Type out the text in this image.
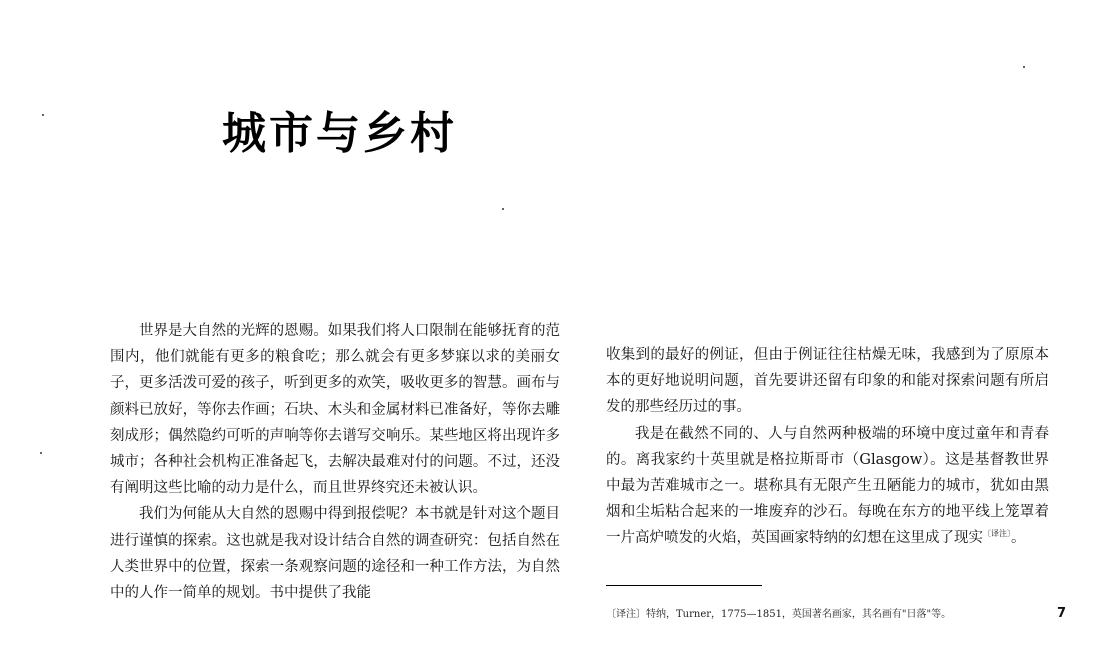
城市与乡村

世界是大自然的光辉的恩赐。如果我们将人口限制在能够抚育的范围内，他们就能有更多的粮食吃；那么就会有更多梦寐以求的美丽女子，更多活泼可爱的孩子，听到更多的欢笑，吸收更多的智慧。画布与颜料已放好，等你去作画；石块、木头和金属材料已准备好，等你去雕刻成形；偶然隐约可听的声响等你去谱写交响乐。某些地区将出现许多城市；各种社会机构正准备起飞，去解决最难对付的问题。不过，还没有阐明这些比喻的动力是什么，而且世界终究还未被认识。

我们为何能从大自然的恩赐中得到报偿呢？本书就是针对这个题目进行谨慎的探索。这也就是我对设计结合自然的调查研究：包括自然在人类世界中的位置，探索一条观察问题的途径和一种工作方法，为自然中的人作一简单的规划。书中提供了我能

收集到的最好的例证，但由于例证往往枯燥无味，我感到为了原原本本的更好地说明问题，首先要讲还留有印象的和能对探索问题有所启发的那些经历过的事。

我是在截然不同的、人与自然两种极端的环境中度过童年和青春的。离我家约十英里就是格拉斯哥市（Glasgow）。这是基督教世界中最为苦难城市之一。堪称具有无限产生丑陋能力的城市，犹如由黑烟和尘垢粘合起来的一堆废弃的沙石。每晚在东方的地平线上笼罩着一片高炉喷发的火焰，英国画家特纳的幻想在这里成了现实$^{〔译注〕}$。

〔译注〕特纳，Turner，1775—1851，英国著名画家，其名画有"日落"等。	7
